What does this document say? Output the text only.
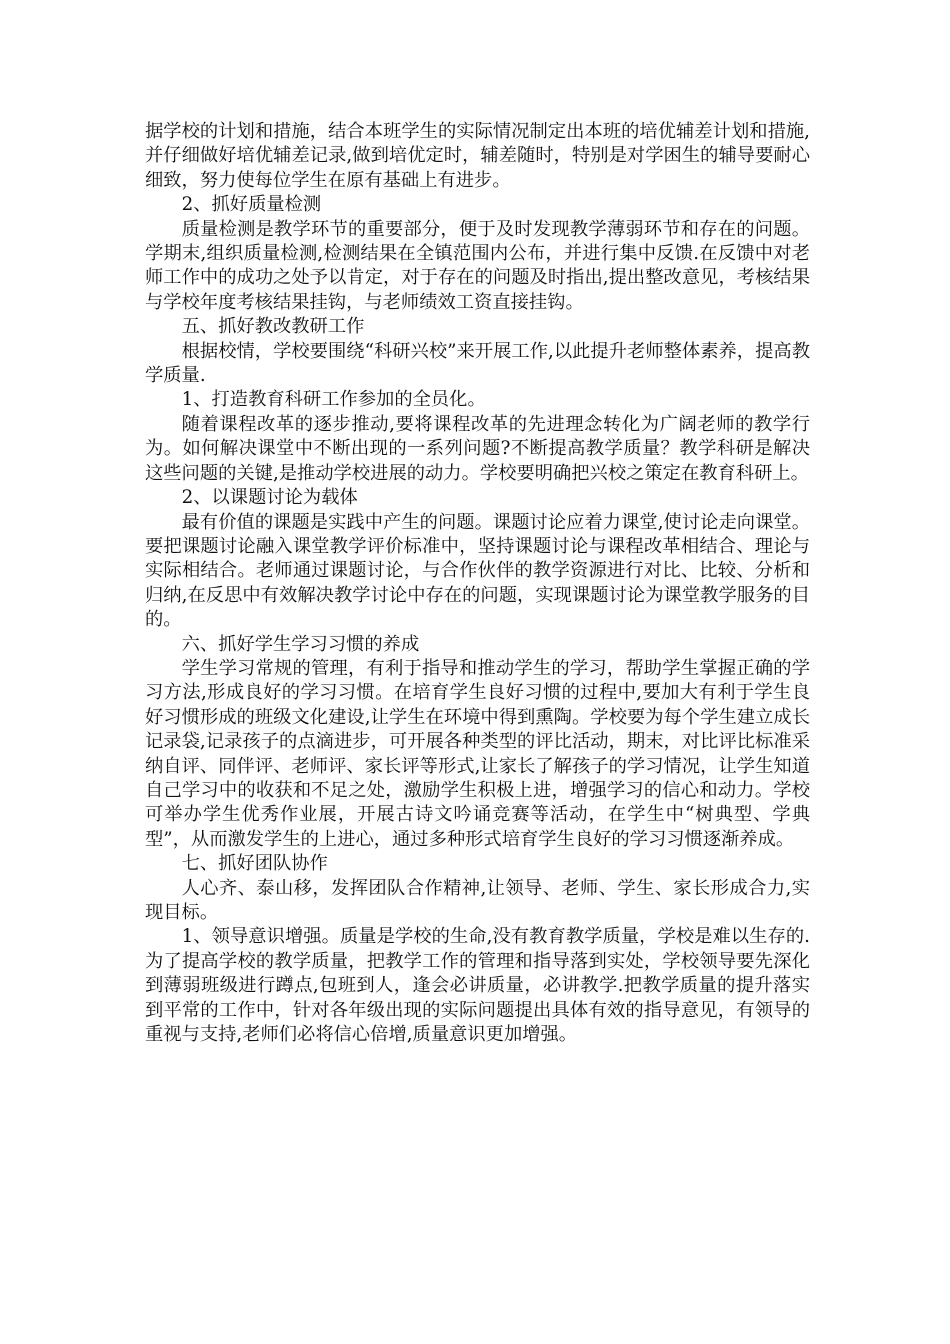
据学校的计划和措施，结合本班学生的实际情况制定出本班的培优辅差计划和措施,并仔细做好培优辅差记录,做到培优定时，辅差随时，特别是对学困生的辅导要耐心细致，努力使每位学生在原有基础上有进步。

2、抓好质量检测

质量检测是教学环节的重要部分，便于及时发现教学薄弱环节和存在的问题。学期末,组织质量检测,检测结果在全镇范围内公布，并进行集中反馈.在反馈中对老师工作中的成功之处予以肯定，对于存在的问题及时指出,提出整改意见，考核结果与学校年度考核结果挂钩，与老师绩效工资直接挂钩。

五、抓好教改教研工作

根据校情，学校要围绕“科研兴校”来开展工作,以此提升老师整体素养，提高教学质量.

1、打造教育科研工作参加的全员化。

随着课程改革的逐步推动,要将课程改革的先进理念转化为广阔老师的教学行为。如何解决课堂中不断出现的一系列问题?不断提高教学质量？教学科研是解决这些问题的关键,是推动学校进展的动力。学校要明确把兴校之策定在教育科研上。

2、以课题讨论为载体

最有价值的课题是实践中产生的问题。课题讨论应着力课堂,使讨论走向课堂。要把课题讨论融入课堂教学评价标准中，坚持课题讨论与课程改革相结合、理论与实际相结合。老师通过课题讨论，与合作伙伴的教学资源进行对比、比较、分析和归纳,在反思中有效解决教学讨论中存在的问题，实现课题讨论为课堂教学服务的目的。

六、抓好学生学习习惯的养成

学生学习常规的管理，有利于指导和推动学生的学习，帮助学生掌握正确的学习方法,形成良好的学习习惯。在培育学生良好习惯的过程中,要加大有利于学生良好习惯形成的班级文化建设,让学生在环境中得到熏陶。学校要为每个学生建立成长记录袋,记录孩子的点滴进步，可开展各种类型的评比活动，期末，对比评比标准采纳自评、同伴评、老师评、家长评等形式,让家长了解孩子的学习情况，让学生知道自己学习中的收获和不足之处，激励学生积极上进，增强学习的信心和动力。学校可举办学生优秀作业展，开展古诗文吟诵竞赛等活动，在学生中“树典型、学典型”，从而激发学生的上进心，通过多种形式培育学生良好的学习习惯逐渐养成。

七、抓好团队协作

人心齐、泰山移，发挥团队合作精神,让领导、老师、学生、家长形成合力,实现目标。

1、领导意识增强。质量是学校的生命,没有教育教学质量，学校是难以生存的.为了提高学校的教学质量，把教学工作的管理和指导落到实处，学校领导要先深化到薄弱班级进行蹲点,包班到人，逢会必讲质量，必讲教学.把教学质量的提升落实到平常的工作中，针对各年级出现的实际问题提出具体有效的指导意见，有领导的重视与支持,老师们必将信心倍增,质量意识更加增强。
